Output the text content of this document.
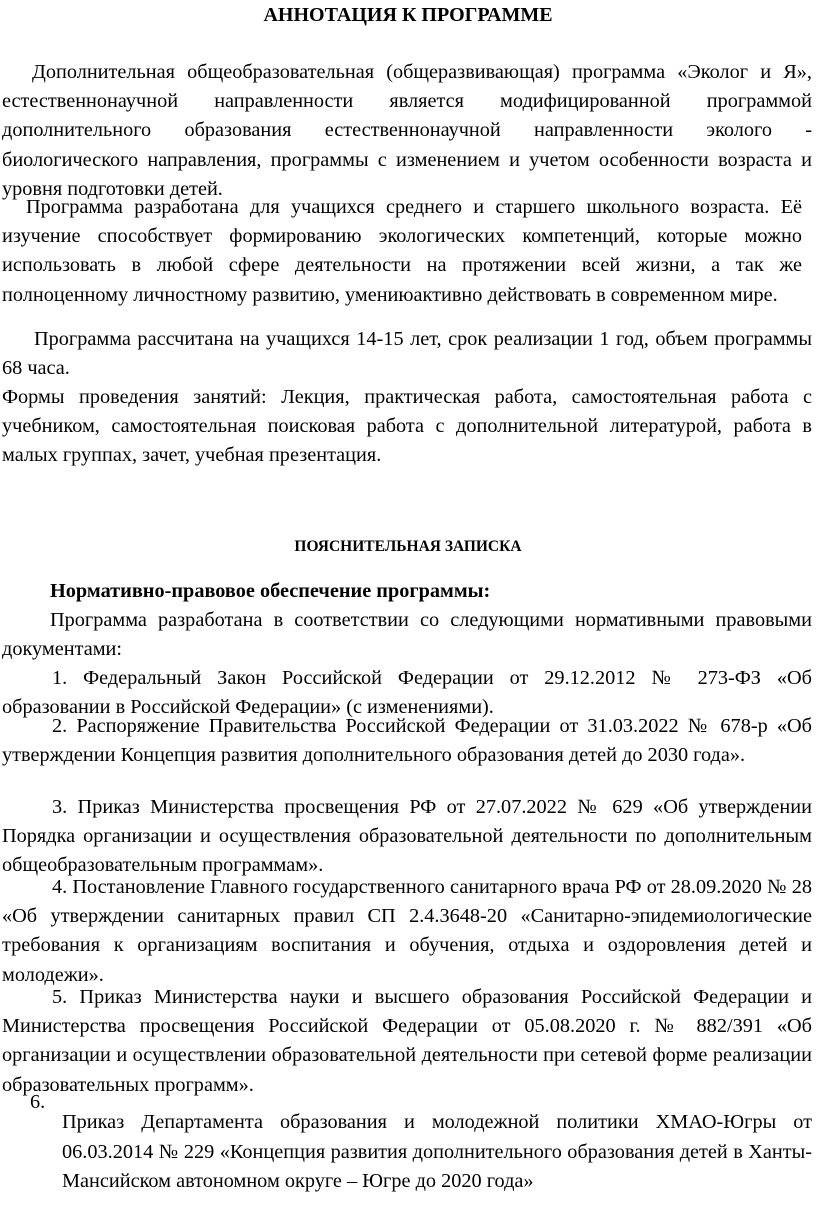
АННОТАЦИЯ К ПРОГРАММЕ

Дополнительная общеобразовательная (общеразвивающая) программа «Эколог и Я», естественнонаучной направленности является модифицированной программой дополнительного образования естественнонаучной направленности эколого - биологического направления, программы с изменением и учетом особенности возраста и уровня подготовки детей.

Программа разработана для учащихся среднего и старшего школьного возраста. Её изучение способствует формированию экологических компетенций, которые можно использовать в любой сфере деятельности на протяжении всей жизни, а так же полноценному личностному развитию, умениюактивно действовать в современном мире.

Программа рассчитана на учащихся 14-15 лет, срок реализации 1 год, объем программы 68 часа.

Формы проведения занятий: Лекция, практическая работа, самостоятельная работа с учебником, самостоятельная поисковая работа с дополнительной литературой, работа в малых группах, зачет, учебная презентация.

ПОЯСНИТЕЛЬНАЯ ЗАПИСКА

Нормативно-правовое обеспечение программы:

Программа разработана в соответствии со следующими нормативными правовыми документами:

1. Федеральный Закон Российской Федерации от 29.12.2012 № 273-ФЗ «Об образовании в Российской Федерации» (с изменениями).

2. Распоряжение Правительства Российской Федерации от 31.03.2022 № 678-р «Об утверждении Концепция развития дополнительного образования детей до 2030 года».

3. Приказ Министерства просвещения РФ от 27.07.2022 № 629 «Об утверждении Порядка организации и осуществления образовательной деятельности по дополнительным общеобразовательным программам».

4. Постановление Главного государственного санитарного врача РФ от 28.09.2020 № 28 «Об утверждении санитарных правил СП 2.4.3648-20 «Санитарно-эпидемиологические требования к организациям воспитания и обучения, отдыха и оздоровления детей и молодежи».

5. Приказ Министерства науки и высшего образования Российской Федерации и Министерства просвещения Российской Федерации от 05.08.2020 г. № 882/391 «Об организации и осуществлении образовательной деятельности при сетевой форме реализации образовательных программ».

6.

Приказ Департамента образования и молодежной политики ХМАО-Югры от 06.03.2014 № 229 «Концепция развития дополнительного образования детей в Ханты-Мансийском автономном округе – Югре до 2020 года»
